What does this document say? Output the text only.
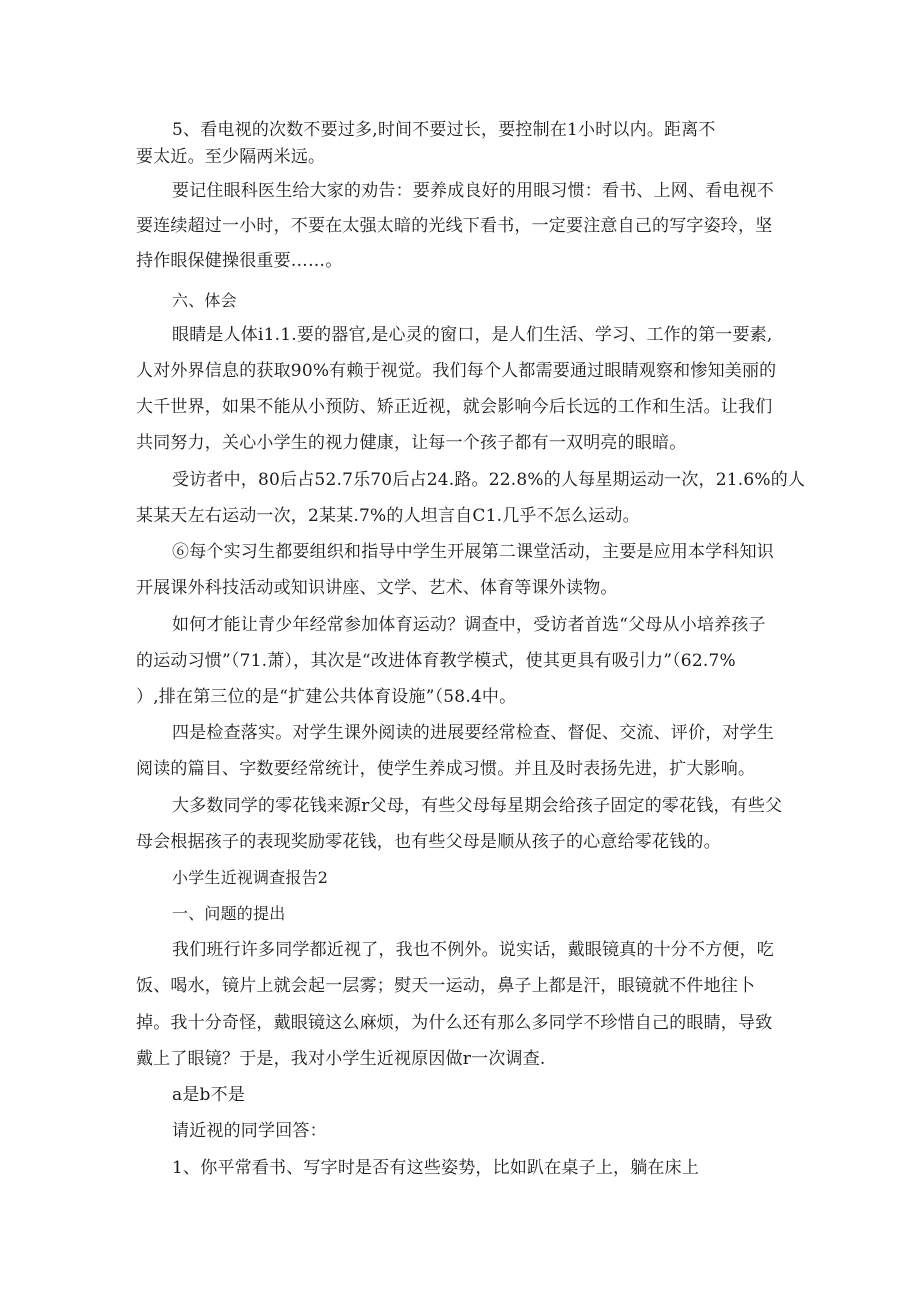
5、看电视的次数不要过多,时间不要过长，要控制在1小时以内。距离不
要太近。至少隔两米远。
要记住眼科医生给大家的劝告：要养成良好的用眼习惯：看书、上网、看电视不
要连续超过一小时，不要在太强太暗的光线下看书，一定要注意自己的写字姿玲，坚
持作眼保健操很重要……。
六、体会
眼睛是人体i1.1.要的器官,是心灵的窗口，是人们生活、学习、工作的第一要素,
人对外界信息的获取90%有赖于视觉。我们每个人都需要通过眼睛观察和惨知美丽的
大千世界，如果不能从小预防、矫正近视，就会影响今后长远的工作和生活。让我们
共同努力，关心小学生的视力健康，让每一个孩子都有一双明亮的眼暗。
受访者中，80后占52.7乐70后占24.路。22.8%的人每星期运动一次，21.6%的人
某某天左右运动一次，2某某.7%的人坦言自C1.几乎不怎么运动。
⑥每个实习生都要组织和指导中学生开展第二课堂活动，主要是应用本学科知识
开展课外科技活动或知识讲座、文学、艺术、体育等课外读物。
如何才能让青少年经常参加体育运动？调查中，受访者首选“父母从小培养孩子
的运动习惯”（71.萧），其次是“改进体育教学模式，使其更具有吸引力”（62.7%
）,排在第三位的是“扩建公共体育设施”（58.4中。
四是检查落实。对学生课外阅读的进展要经常检查、督促、交流、评价，对学生
阅读的篇目、字数要经常统计，使学生养成习惯。并且及时表扬先进，扩大影响。
大多数同学的零花钱来源r父母，有些父母每星期会给孩子固定的零花钱，有些父
母会根据孩子的表现奖励零花钱，也有些父母是顺从孩子的心意给零花钱的。
小学生近视调查报告2
一、问题的提出
我们班行许多同学都近视了，我也不例外。说实话，戴眼镜真的十分不方便，吃
饭、喝水，镜片上就会起一层雾；熨天一运动，鼻子上都是汗，眼镜就不件地往卜
掉。我十分奇怪，戴眼镜这么麻烦，为什么还有那么多同学不珍惜自己的眼睛，导致
戴上了眼镜？于是，我对小学生近视原因做r一次调查.
a是b不是
请近视的同学回答：
1、你平常看书、写字时是否有这些姿势，比如趴在桌子上，躺在床上
